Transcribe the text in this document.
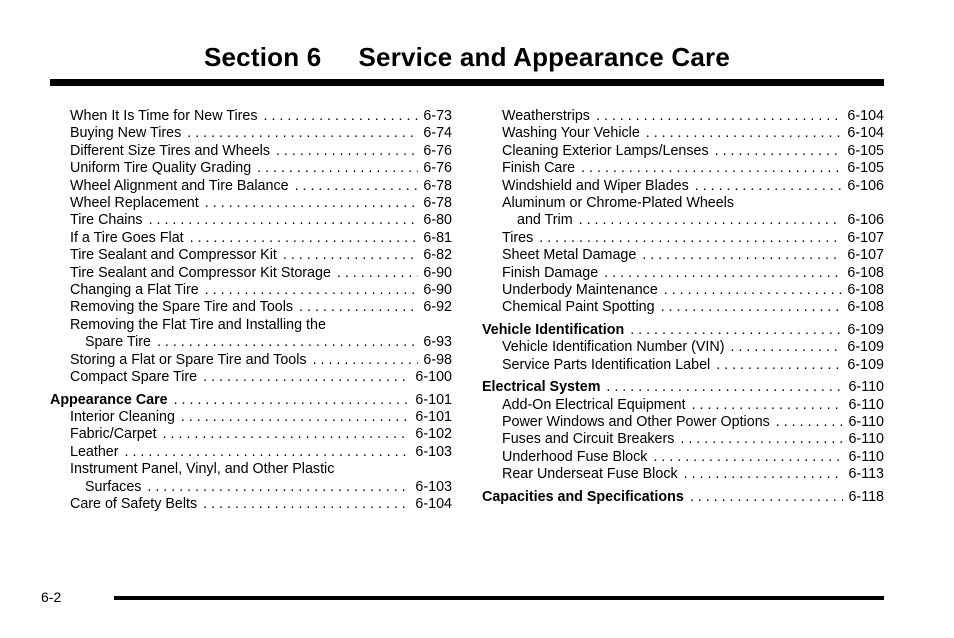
Section 6     Service and Appearance Care
When It Is Time for New Tires . . .	6-73
Buying New Tires . . .	6-74
Different Size Tires and Wheels . . .	6-76
Uniform Tire Quality Grading . . .	6-76
Wheel Alignment and Tire Balance . . .	6-78
Wheel Replacement . . .	6-78
Tire Chains . . .	6-80
If a Tire Goes Flat . . .	6-81
Tire Sealant and Compressor Kit . . .	6-82
Tire Sealant and Compressor Kit Storage . . .	6-90
Changing a Flat Tire . . .	6-90
Removing the Spare Tire and Tools . . .	6-92
Removing the Flat Tire and Installing the
Spare Tire . . .	6-93
Storing a Flat or Spare Tire and Tools . . .	6-98
Compact Spare Tire . . .	6-100
Appearance Care . . .	6-101
Interior Cleaning . . .	6-101
Fabric/Carpet . . .	6-102
Leather . . .	6-103
Instrument Panel, Vinyl, and Other Plastic
Surfaces . . .	6-103
Care of Safety Belts . . .	6-104
Weatherstrips . . .	6-104
Washing Your Vehicle . . .	6-104
Cleaning Exterior Lamps/Lenses . . .	6-105
Finish Care . . .	6-105
Windshield and Wiper Blades . . .	6-106
Aluminum or Chrome-Plated Wheels
and Trim . . .	6-106
Tires . . .	6-107
Sheet Metal Damage . . .	6-107
Finish Damage . . .	6-108
Underbody Maintenance . . .	6-108
Chemical Paint Spotting . . .	6-108
Vehicle Identification . . .	6-109
Vehicle Identification Number (VIN) . . .	6-109
Service Parts Identification Label . . .	6-109
Electrical System . . .	6-110
Add-On Electrical Equipment . . .	6-110
Power Windows and Other Power Options . . .	6-110
Fuses and Circuit Breakers . . .	6-110
Underhood Fuse Block . . .	6-110
Rear Underseat Fuse Block . . .	6-113
Capacities and Specifications . . .	6-118
6-2
